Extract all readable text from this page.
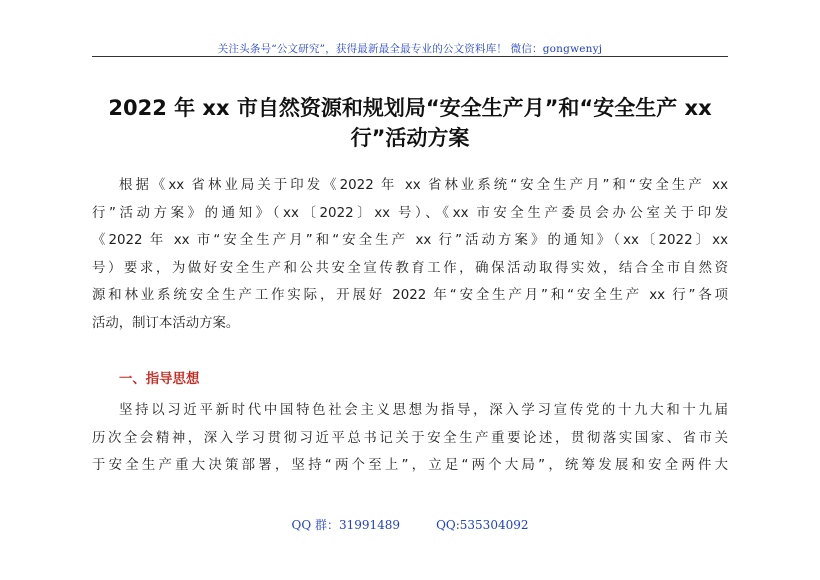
关注头条号“公文研究”，获得最新最全最专业的公文资料库！ 微信：gongwenyj
2022 年 xx 市自然资源和规划局“安全生产月”和“安全生产 xx
行”活动方案
根据《xx 省林业局关于印发《2022 年 xx 省林业系统“安全生产月”和“安全生产 xx
行”活动方案》的通知》（xx〔2022〕xx 号）、《xx 市安全生产委员会办公室关于印发
《2022 年 xx 市“安全生产月”和“安全生产 xx 行”活动方案》的通知》（xx〔2022〕xx
号）要求，为做好安全生产和公共安全宣传教育工作，确保活动取得实效，结合全市自然资
源和林业系统安全生产工作实际，开展好 2022 年“安全生产月”和“安全生产 xx 行”各项
活动，制订本活动方案。
一、指导思想
坚持以习近平新时代中国特色社会主义思想为指导，深入学习宣传党的十九大和十九届
历次全会精神，深入学习贯彻习近平总书记关于安全生产重要论述，贯彻落实国家、省市关
于安全生产重大决策部署，坚持“两个至上”，立足“两个大局”，统筹发展和安全两件大
QQ 群：31991489	QQ:535304092
